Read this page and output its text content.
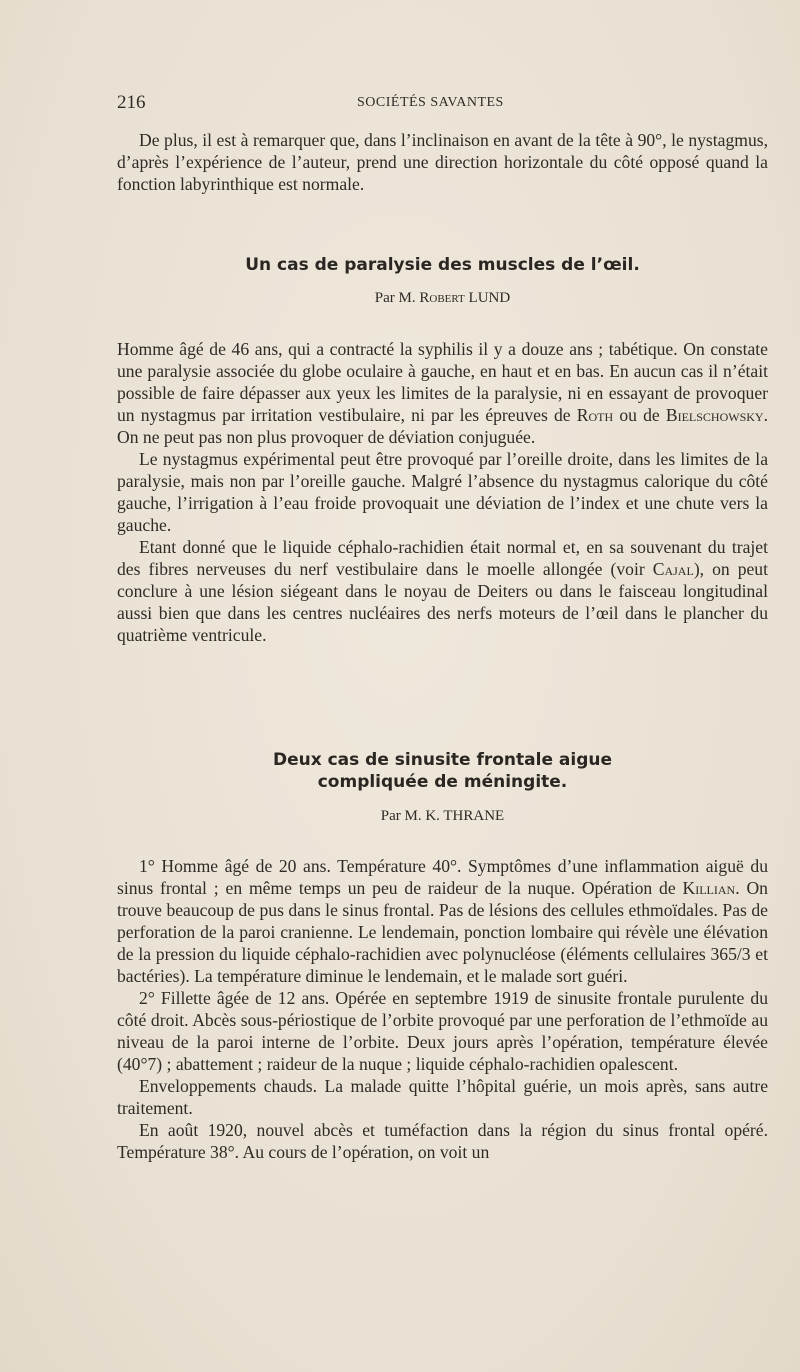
216	SOCIÉTÉS SAVANTES

De plus, il est à remarquer que, dans l’inclinaison en avant de la tête à 90°, le nystagmus, d’après l’expérience de l’auteur, prend une direction horizontale du côté opposé quand la fonction labyrinthique est normale.

Un cas de paralysie des muscles de l’œil.
Par M. Robert LUND

Homme âgé de 46 ans, qui a contracté la syphilis il y a douze ans ; tabétique. On constate une paralysie associée du globe oculaire à gauche, en haut et en bas. En aucun cas il n’était possible de faire dépasser aux yeux les limites de la paralysie, ni en essayant de provoquer un nystagmus par irritation vestibulaire, ni par les épreuves de Roth ou de Bielschowsky. On ne peut pas non plus provoquer de déviation conjuguée.

Le nystagmus expérimental peut être provoqué par l’oreille droite, dans les limites de la paralysie, mais non par l’oreille gauche. Malgré l’absence du nystagmus calorique du côté gauche, l’irrigation à l’eau froide provoquait une déviation de l’index et une chute vers la gauche.

Etant donné que le liquide céphalo-rachidien était normal et, en sa souvenant du trajet des fibres nerveuses du nerf vestibulaire dans le moelle allongée (voir Cajal), on peut conclure à une lésion siégeant dans le noyau de Deiters ou dans le faisceau longitudinal aussi bien que dans les centres nucléaires des nerfs moteurs de l’œil dans le plancher du quatrième ventricule.

Deux cas de sinusite frontale aigue
compliquée de méningite.
Par M. K. THRANE

1° Homme âgé de 20 ans. Température 40°. Symptômes d’une inflammation aiguë du sinus frontal ; en même temps un peu de raideur de la nuque. Opération de Killian. On trouve beaucoup de pus dans le sinus frontal. Pas de lésions des cellules ethmoïdales. Pas de perforation de la paroi cranienne. Le lendemain, ponction lombaire qui révèle une élévation de la pression du liquide céphalo-rachidien avec polynucléose (éléments cellulaires 365/3 et bactéries). La température diminue le lendemain, et le malade sort guéri.

2° Fillette âgée de 12 ans. Opérée en septembre 1919 de sinusite frontale purulente du côté droit. Abcès sous-périostique de l’orbite provoqué par une perforation de l’ethmoïde au niveau de la paroi interne de l’orbite. Deux jours après l’opération, température élevée (40°7) ; abattement ; raideur de la nuque ; liquide céphalo-rachidien opalescent.

Enveloppements chauds. La malade quitte l’hôpital guérie, un mois après, sans autre traitement.

En août 1920, nouvel abcès et tuméfaction dans la région du sinus frontal opéré. Température 38°. Au cours de l’opération, on voit un
